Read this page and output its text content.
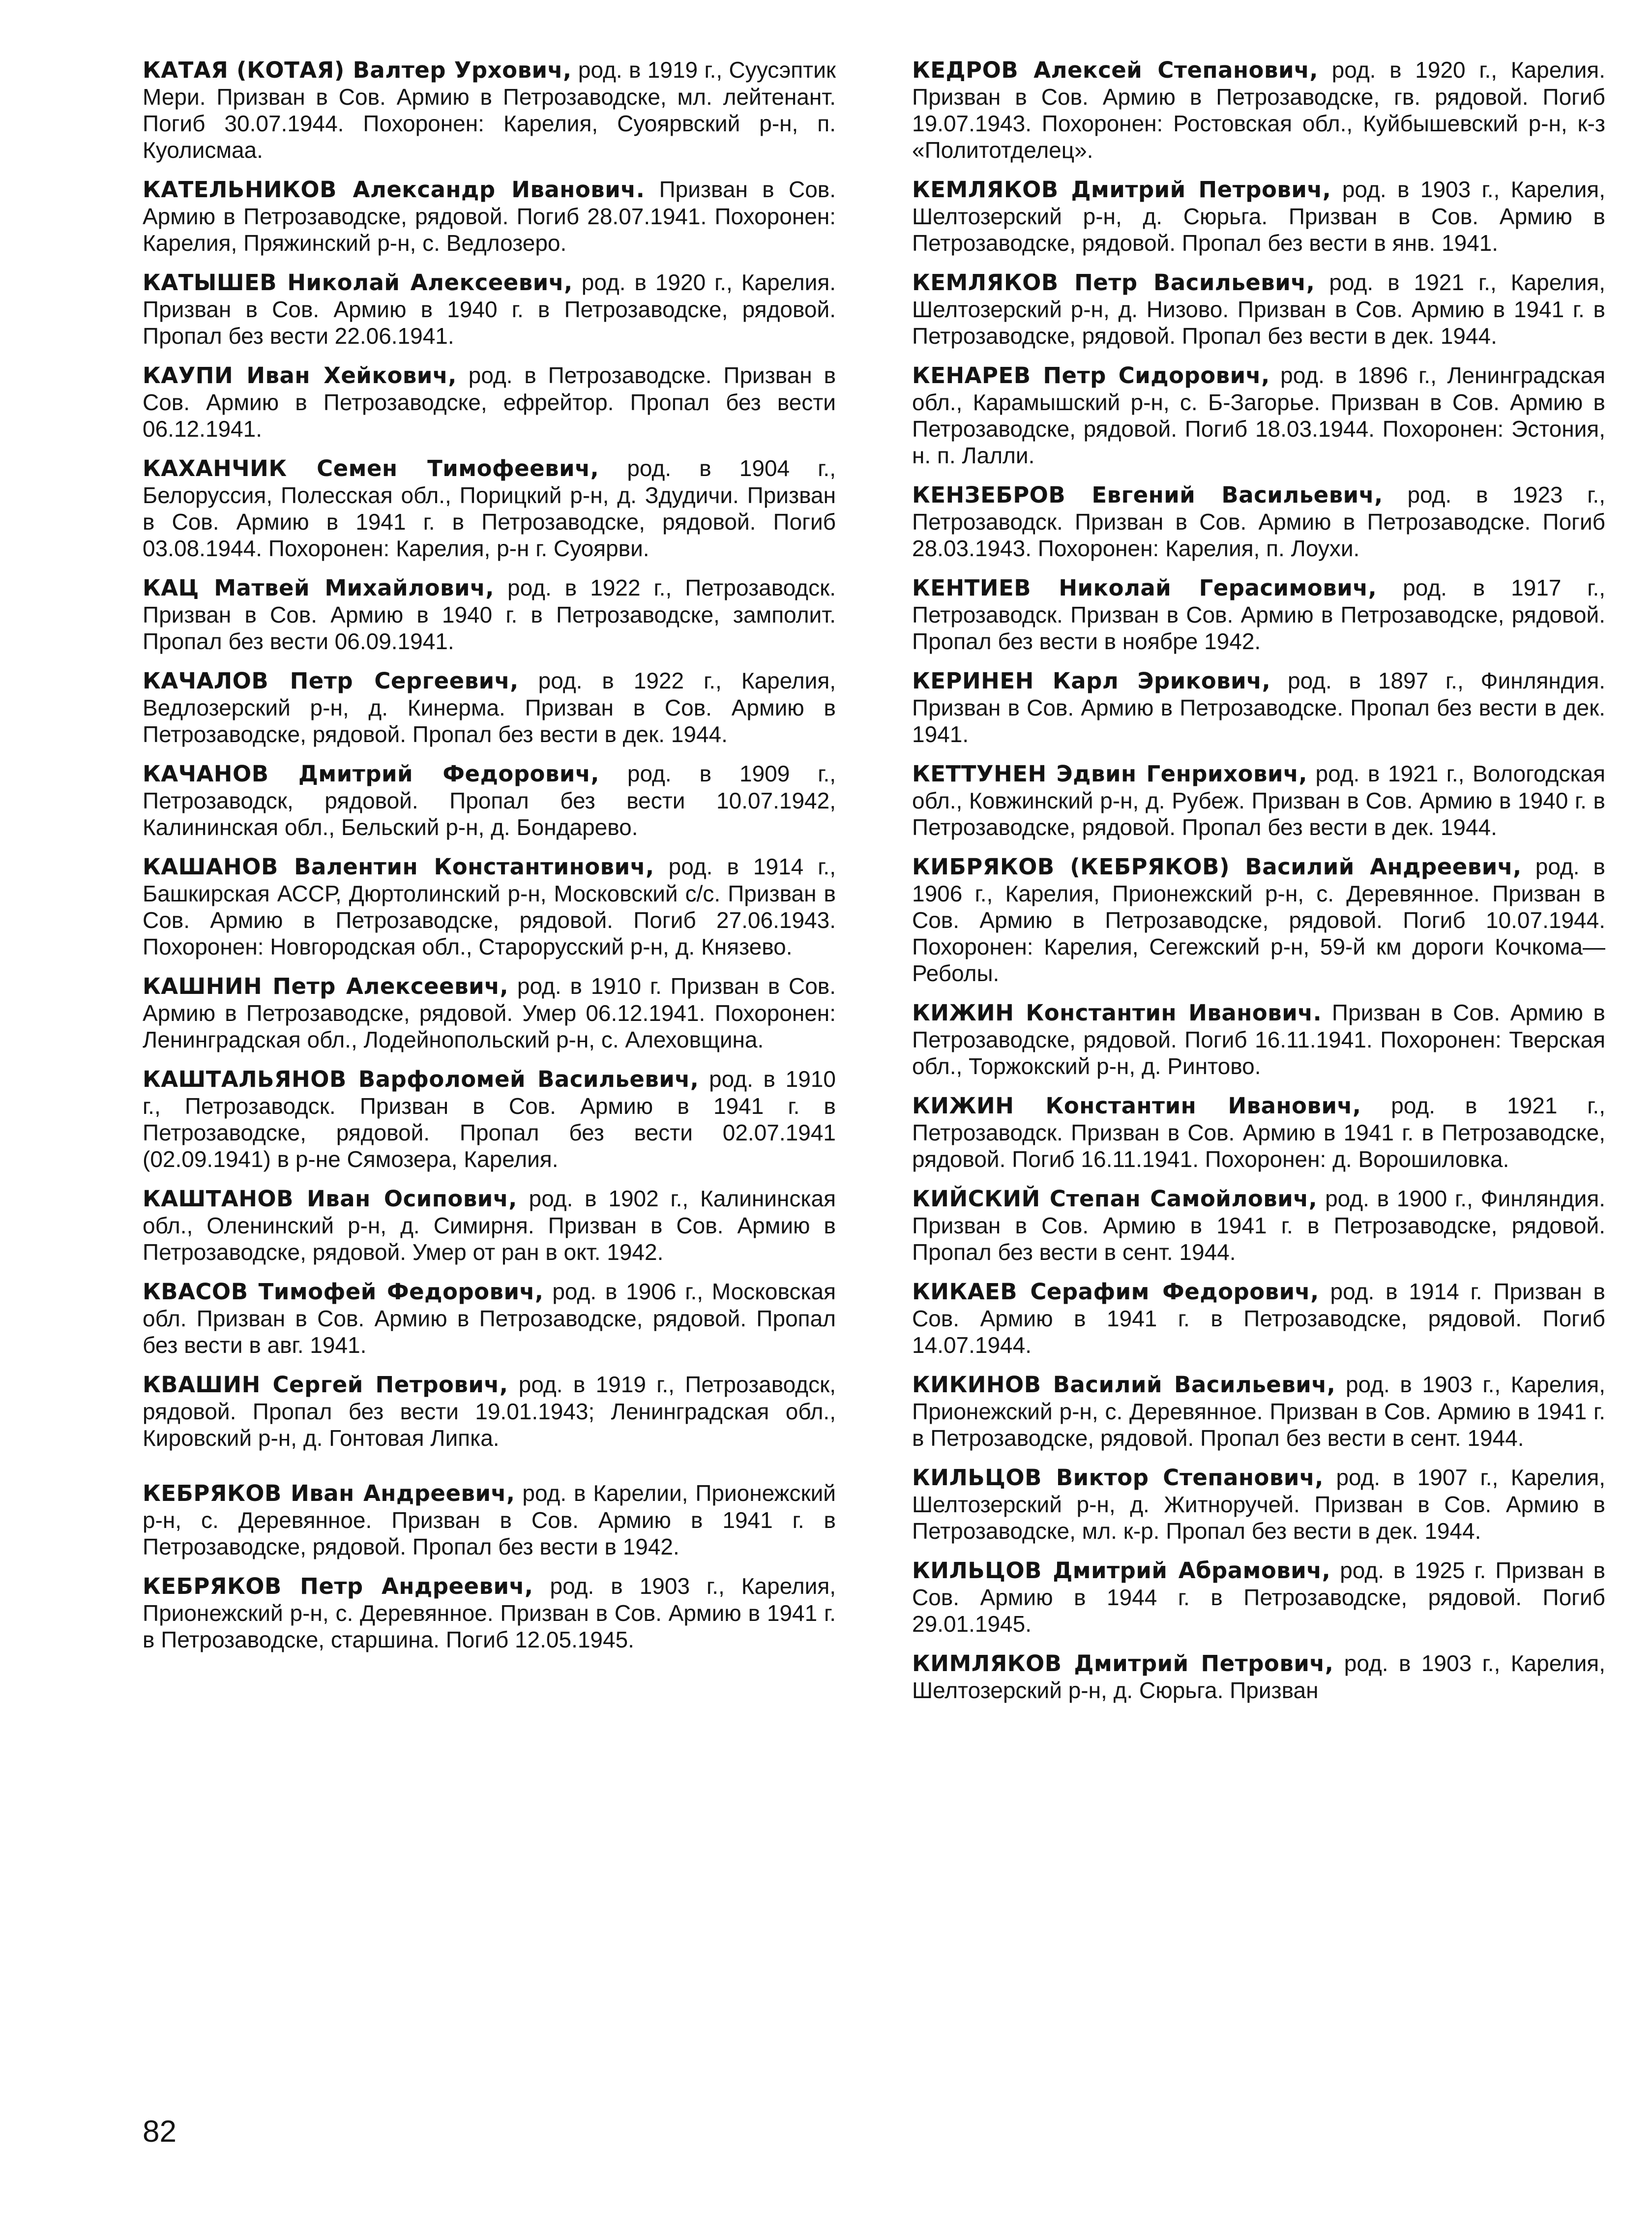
КАТАЯ (КОТАЯ) Валтер Урхович, род. в 1919 г., Суусэптик Мери. Призван в Сов. Армию в Петрозаводске, мл. лейтенант. Погиб 30.07.1944. Похоронен: Карелия, Суоярвский р-н, п. Куолисмаа.

КАТЕЛЬНИКОВ Александр Иванович. Призван в Сов. Армию в Петрозаводске, рядовой. Погиб 28.07.1941. Похоронен: Карелия, Пряжинский р-н, с. Ведлозеро.

КАТЫШЕВ Николай Алексеевич, род. в 1920 г., Карелия. Призван в Сов. Армию в 1940 г. в Петрозаводске, рядовой. Пропал без вести 22.06.1941.

КАУПИ Иван Хейкович, род. в Петрозаводске. Призван в Сов. Армию в Петрозаводске, ефрейтор. Пропал без вести 06.12.1941.

КАХАНЧИК Семен Тимофеевич, род. в 1904 г., Белоруссия, Полесская обл., Порицкий р-н, д. Здудичи. Призван в Сов. Армию в 1941 г. в Петрозаводске, рядовой. Погиб 03.08.1944. Похоронен: Карелия, р-н г. Суоярви.

КАЦ Матвей Михайлович, род. в 1922 г., Петрозаводск. Призван в Сов. Армию в 1940 г. в Петрозаводске, замполит. Пропал без вести 06.09.1941.

КАЧАЛОВ Петр Сергеевич, род. в 1922 г., Карелия, Ведлозерский р-н, д. Кинерма. Призван в Сов. Армию в Петрозаводске, рядовой. Пропал без вести в дек. 1944.

КАЧАНОВ Дмитрий Федорович, род. в 1909 г., Петрозаводск, рядовой. Пропал без вести 10.07.1942, Калининская обл., Бельский р-н, д. Бондарево.

КАШАНОВ Валентин Константинович, род. в 1914 г., Башкирская АССР, Дюртолинский р-н, Московский с/с. Призван в Сов. Армию в Петрозаводске, рядовой. Погиб 27.06.1943. Похоронен: Новгородская обл., Старорусский р-н, д. Князево.

КАШНИН Петр Алексеевич, род. в 1910 г. Призван в Сов. Армию в Петрозаводске, рядовой. Умер 06.12.1941. Похоронен: Ленинградская обл., Лодейнопольский р-н, с. Алеховщина.

КАШТАЛЬЯНОВ Варфоломей Васильевич, род. в 1910 г., Петрозаводск. Призван в Сов. Армию в 1941 г. в Петрозаводске, рядовой. Пропал без вести 02.07.1941 (02.09.1941) в р-не Сямозера, Карелия.

КАШТАНОВ Иван Осипович, род. в 1902 г., Калининская обл., Оленинский р-н, д. Симирня. Призван в Сов. Армию в Петрозаводске, рядовой. Умер от ран в окт. 1942.

КВАСОВ Тимофей Федорович, род. в 1906 г., Московская обл. Призван в Сов. Армию в Петрозаводске, рядовой. Пропал без вести в авг. 1941.

КВАШИН Сергей Петрович, род. в 1919 г., Петрозаводск, рядовой. Пропал без вести 19.01.1943; Ленинградская обл., Кировский р-н, д. Гонтовая Липка.

КЕБРЯКОВ Иван Андреевич, род. в Карелии, Прионежский р-н, с. Деревянное. Призван в Сов. Армию в 1941 г. в Петрозаводске, рядовой. Пропал без вести в 1942.

КЕБРЯКОВ Петр Андреевич, род. в 1903 г., Карелия, Прионежский р-н, с. Деревянное. Призван в Сов. Армию в 1941 г. в Петрозаводске, старшина. Погиб 12.05.1945.

КЕДРОВ Алексей Степанович, род. в 1920 г., Карелия. Призван в Сов. Армию в Петрозаводске, гв. рядовой. Погиб 19.07.1943. Похоронен: Ростовская обл., Куйбышевский р-н, к-з «Политотделец».

КЕМЛЯКОВ Дмитрий Петрович, род. в 1903 г., Карелия, Шелтозерский р-н, д. Сюрьга. Призван в Сов. Армию в Петрозаводске, рядовой. Пропал без вести в янв. 1941.

КЕМЛЯКОВ Петр Васильевич, род. в 1921 г., Карелия, Шелтозерский р-н, д. Низово. Призван в Сов. Армию в 1941 г. в Петрозаводске, рядовой. Пропал без вести в дек. 1944.

КЕНАРЕВ Петр Сидорович, род. в 1896 г., Ленинградская обл., Карамышский р-н, с. Б-Загорье. Призван в Сов. Армию в Петрозаводске, рядовой. Погиб 18.03.1944. Похоронен: Эстония, н. п. Лалли.

КЕНЗЕБРОВ Евгений Васильевич, род. в 1923 г., Петрозаводск. Призван в Сов. Армию в Петрозаводске. Погиб 28.03.1943. Похоронен: Карелия, п. Лоухи.

КЕНТИЕВ Николай Герасимович, род. в 1917 г., Петрозаводск. Призван в Сов. Армию в Петрозаводске, рядовой. Пропал без вести в ноябре 1942.

КЕРИНЕН Карл Эрикович, род. в 1897 г., Финляндия. Призван в Сов. Армию в Петрозаводске. Пропал без вести в дек. 1941.

КЕТТУНЕН Эдвин Генрихович, род. в 1921 г., Вологодская обл., Ковжинский р-н, д. Рубеж. Призван в Сов. Армию в 1940 г. в Петрозаводске, рядовой. Пропал без вести в дек. 1944.

КИБРЯКОВ (КЕБРЯКОВ) Василий Андреевич, род. в 1906 г., Карелия, Прионежский р-н, с. Деревянное. Призван в Сов. Армию в Петрозаводске, рядовой. Погиб 10.07.1944. Похоронен: Карелия, Сегежский р-н, 59-й км дороги Кочкома—Реболы.

КИЖИН Константин Иванович. Призван в Сов. Армию в Петрозаводске, рядовой. Погиб 16.11.1941. Похоронен: Тверская обл., Торжокский р-н, д. Ринтово.

КИЖИН Константин Иванович, род. в 1921 г., Петрозаводск. Призван в Сов. Армию в 1941 г. в Петрозаводске, рядовой. Погиб 16.11.1941. Похоронен: д. Ворошиловка.

КИЙСКИЙ Степан Самойлович, род. в 1900 г., Финляндия. Призван в Сов. Армию в 1941 г. в Петрозаводске, рядовой. Пропал без вести в сент. 1944.

КИКАЕВ Серафим Федорович, род. в 1914 г. Призван в Сов. Армию в 1941 г. в Петрозаводске, рядовой. Погиб 14.07.1944.

КИКИНОВ Василий Васильевич, род. в 1903 г., Карелия, Прионежский р-н, с. Деревянное. Призван в Сов. Армию в 1941 г. в Петрозаводске, рядовой. Пропал без вести в сент. 1944.

КИЛЬЦОВ Виктор Степанович, род. в 1907 г., Карелия, Шелтозерский р-н, д. Житноручей. Призван в Сов. Армию в Петрозаводске, мл. к-р. Пропал без вести в дек. 1944.

КИЛЬЦОВ Дмитрий Абрамович, род. в 1925 г. Призван в Сов. Армию в 1944 г. в Петрозаводске, рядовой. Погиб 29.01.1945.

КИМЛЯКОВ Дмитрий Петрович, род. в 1903 г., Карелия, Шелтозерский р-н, д. Сюрьга. Призван

82
